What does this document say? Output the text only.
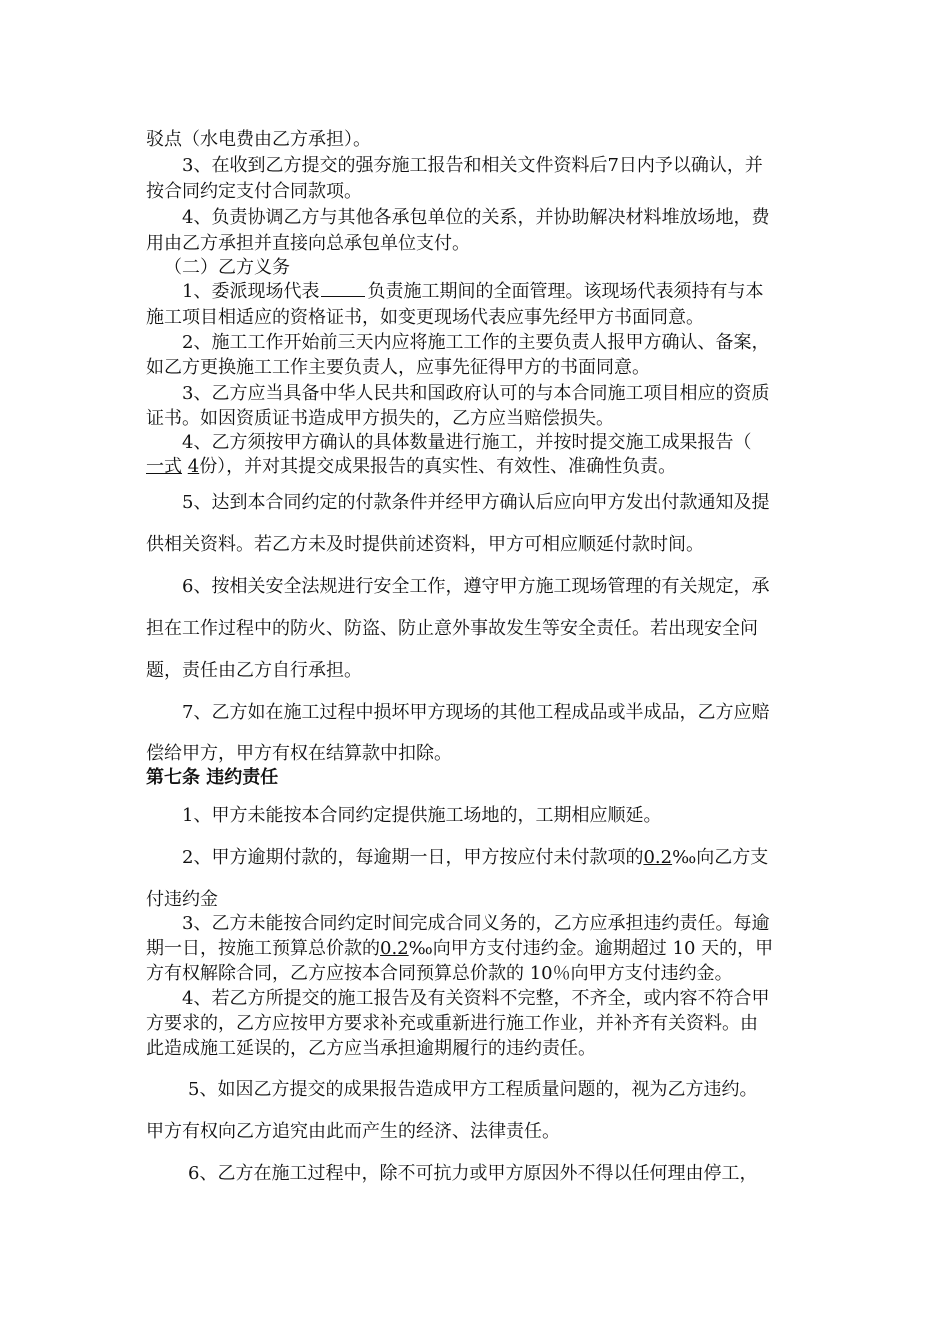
驳点（水电费由乙方承担）。
3、在收到乙方提交的强夯施工报告和相关文件资料后7日内予以确认，并
按合同约定支付合同款项。
4、负责协调乙方与其他各承包单位的关系，并协助解决材料堆放场地，费
用由乙方承担并直接向总承包单位支付。
（二）乙方义务
1、委派现场代表	负责施工期间的全面管理。该现场代表须持有与本
施工项目相适应的资格证书，如变更现场代表应事先经甲方书面同意。
2、施工工作开始前三天内应将施工工作的主要负责人报甲方确认、备案，
如乙方更换施工工作主要负责人，应事先征得甲方的书面同意。
3、乙方应当具备中华人民共和国政府认可的与本合同施工项目相应的资质
证书。如因资质证书造成甲方损失的，乙方应当赔偿损失。
4、乙方须按甲方确认的具体数量进行施工，并按时提交施工成果报告（
一式 4份），并对其提交成果报告的真实性、有效性、准确性负责。
5、达到本合同约定的付款条件并经甲方确认后应向甲方发出付款通知及提
供相关资料。若乙方未及时提供前述资料，甲方可相应顺延付款时间。
6、按相关安全法规进行安全工作，遵守甲方施工现场管理的有关规定，承
担在工作过程中的防火、防盗、防止意外事故发生等安全责任。若出现安全问
题，责任由乙方自行承担。
7、乙方如在施工过程中损坏甲方现场的其他工程成品或半成品，乙方应赔
偿给甲方，甲方有权在结算款中扣除。
第七条 违约责任
1、甲方未能按本合同约定提供施工场地的，工期相应顺延。
2、甲方逾期付款的，每逾期一日，甲方按应付未付款项的0.2‰向乙方支
付违约金
3、乙方未能按合同约定时间完成合同义务的，乙方应承担违约责任。每逾
期一日，按施工预算总价款的0.2‰向甲方支付违约金。逾期超过 10 天的，甲
方有权解除合同，乙方应按本合同预算总价款的 10％向甲方支付违约金。
4、若乙方所提交的施工报告及有关资料不完整，不齐全，或内容不符合甲
方要求的，乙方应按甲方要求补充或重新进行施工作业，并补齐有关资料。由
此造成施工延误的，乙方应当承担逾期履行的违约责任。
5、如因乙方提交的成果报告造成甲方工程质量问题的，视为乙方违约。
甲方有权向乙方追究由此而产生的经济、法律责任。
6、乙方在施工过程中，除不可抗力或甲方原因外不得以任何理由停工，
